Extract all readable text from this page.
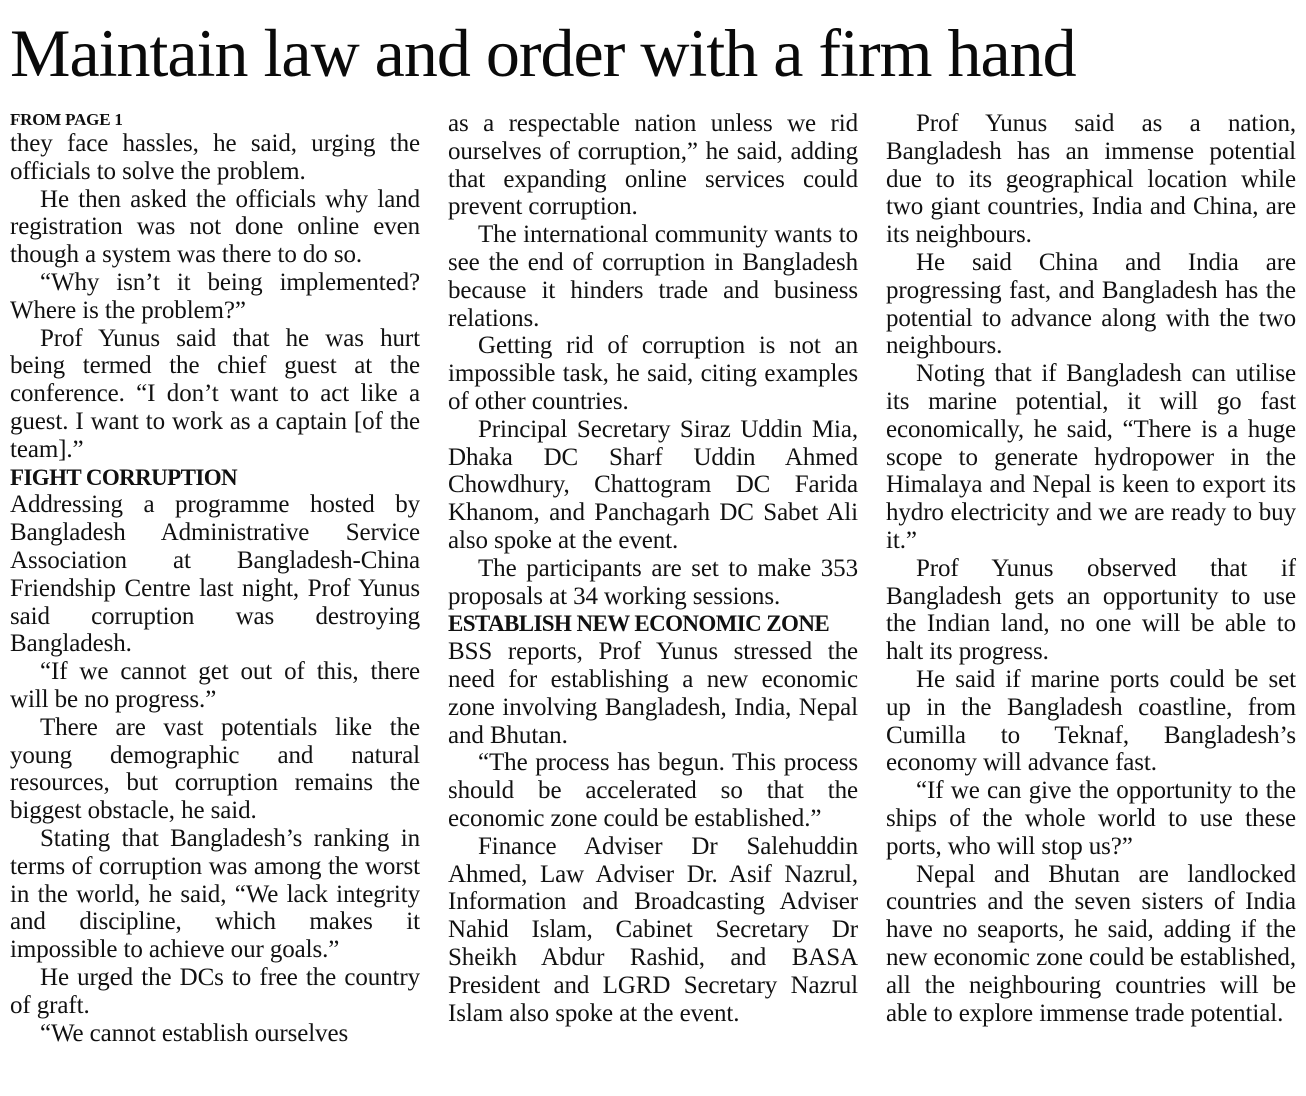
Maintain law and order with a firm hand
FROM PAGE 1

they face hassles, he said, urging the officials to solve the problem.

He then asked the officials why land registration was not done online even though a system was there to do so.

“Why isn’t it being implemented? Where is the problem?”

Prof Yunus said that he was hurt being termed the chief guest at the conference. “I don’t want to act like a guest. I want to work as a captain [of the team].”

FIGHT CORRUPTION

Addressing a programme hosted by Bangladesh Administrative Service Association at Bangladesh-China Friendship Centre last night, Prof Yunus said corruption was destroying Bangladesh.

“If we cannot get out of this, there will be no progress.”

There are vast potentials like the young demographic and natural resources, but corruption remains the biggest obstacle, he said.

Stating that Bangladesh’s ranking in terms of corruption was among the worst in the world, he said, “We lack integrity and discipline, which makes it impossible to achieve our goals.”

He urged the DCs to free the country of graft.

“We cannot establish ourselves

as a respectable nation unless we rid ourselves of corruption,” he said, adding that expanding online services could prevent corruption.

The international community wants to see the end of corruption in Bangladesh because it hinders trade and business relations.

Getting rid of corruption is not an impossible task, he said, citing examples of other countries.

Principal Secretary Siraz Uddin Mia, Dhaka DC Sharf Uddin Ahmed Chowdhury, Chattogram DC Farida Khanom, and Panchagarh DC Sabet Ali also spoke at the event.

The participants are set to make 353 proposals at 34 working sessions.

ESTABLISH NEW ECONOMIC ZONE

BSS reports, Prof Yunus stressed the need for establishing a new economic zone involving Bangladesh, India, Nepal and Bhutan.

“The process has begun. This process should be accelerated so that the economic zone could be established.”

Finance Adviser Dr Salehuddin Ahmed, Law Adviser Dr. Asif Nazrul, Information and Broadcasting Adviser Nahid Islam, Cabinet Secretary Dr Sheikh Abdur Rashid, and BASA President and LGRD Secretary Nazrul Islam also spoke at the event.

Prof Yunus said as a nation, Bangladesh has an immense potential due to its geographical location while two giant countries, India and China, are its neighbours.

He said China and India are progressing fast, and Bangladesh has the potential to advance along with the two neighbours.

Noting that if Bangladesh can utilise its marine potential, it will go fast economically, he said, “There is a huge scope to generate hydropower in the Himalaya and Nepal is keen to export its hydro electricity and we are ready to buy it.”

Prof Yunus observed that if Bangladesh gets an opportunity to use the Indian land, no one will be able to halt its progress.

He said if marine ports could be set up in the Bangladesh coastline, from Cumilla to Teknaf, Bangladesh’s economy will advance fast.

“If we can give the opportunity to the ships of the whole world to use these ports, who will stop us?”

Nepal and Bhutan are landlocked countries and the seven sisters of India have no seaports, he said, adding if the new economic zone could be established, all the neighbouring countries will be able to explore immense trade potential.
